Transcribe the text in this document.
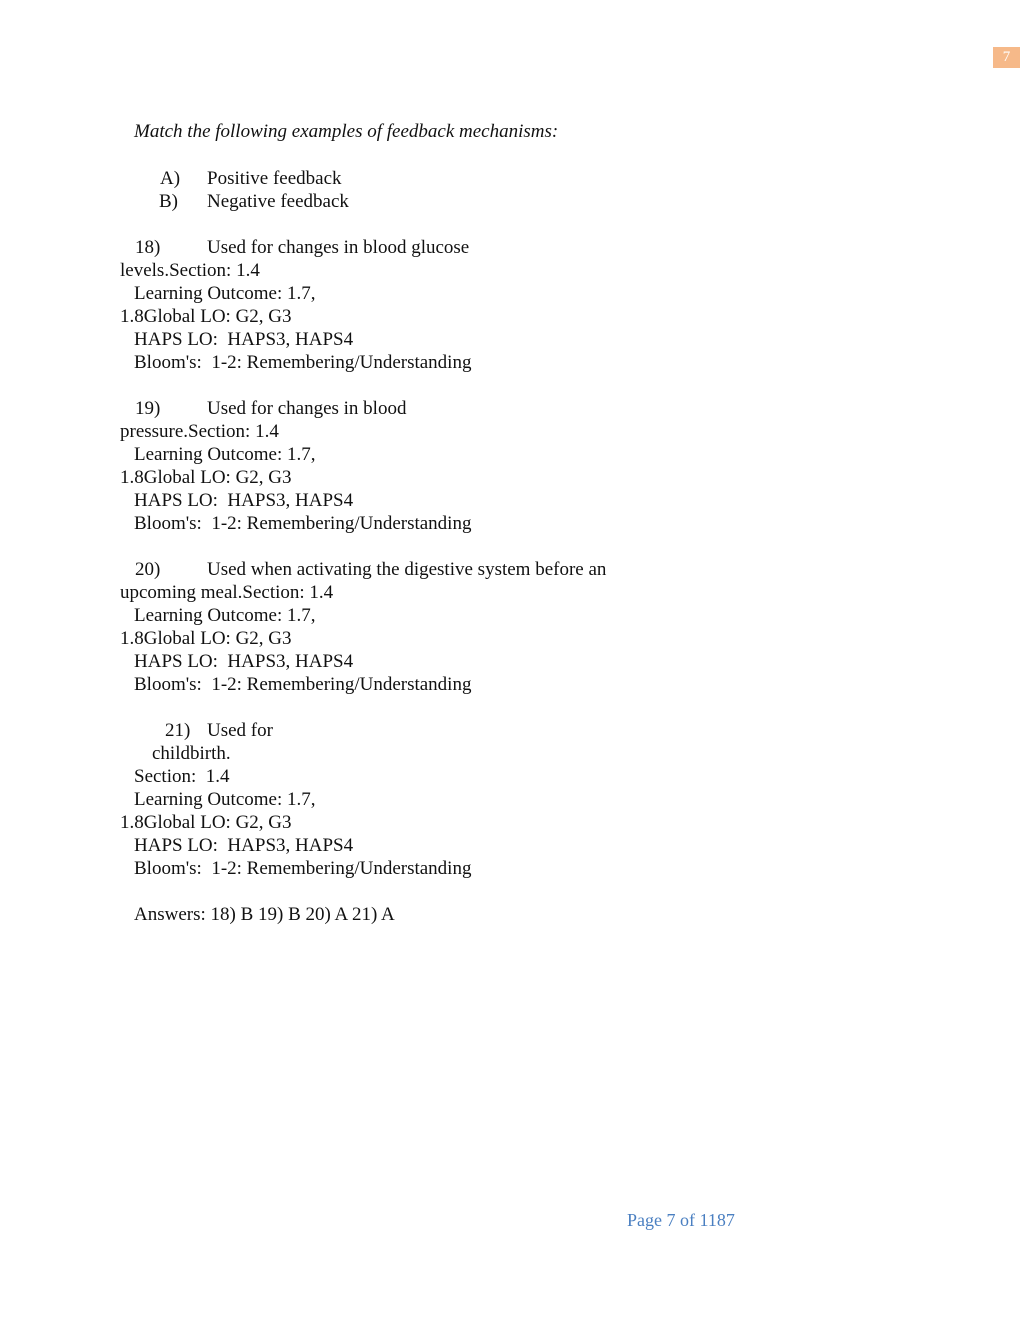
7
Match the following examples of feedback mechanisms:
A) Positive feedback
B) Negative feedback
18) Used for changes in blood glucose
levels.Section: 1.4
Learning Outcome: 1.7,
1.8Global LO: G2, G3
HAPS LO:  HAPS3, HAPS4
Bloom's:  1-2: Remembering/Understanding
19) Used for changes in blood
pressure.Section: 1.4
Learning Outcome: 1.7,
1.8Global LO: G2, G3
HAPS LO:  HAPS3, HAPS4
Bloom's:  1-2: Remembering/Understanding
20) Used when activating the digestive system before an
upcoming meal.Section: 1.4
Learning Outcome: 1.7,
1.8Global LO: G2, G3
HAPS LO:  HAPS3, HAPS4
Bloom's:  1-2: Remembering/Understanding
21) Used for
childbirth.
Section:  1.4
Learning Outcome: 1.7,
1.8Global LO: G2, G3
HAPS LO:  HAPS3, HAPS4
Bloom's:  1-2: Remembering/Understanding
Answers: 18) B 19) B 20) A 21) A
Page 7 of 1187
